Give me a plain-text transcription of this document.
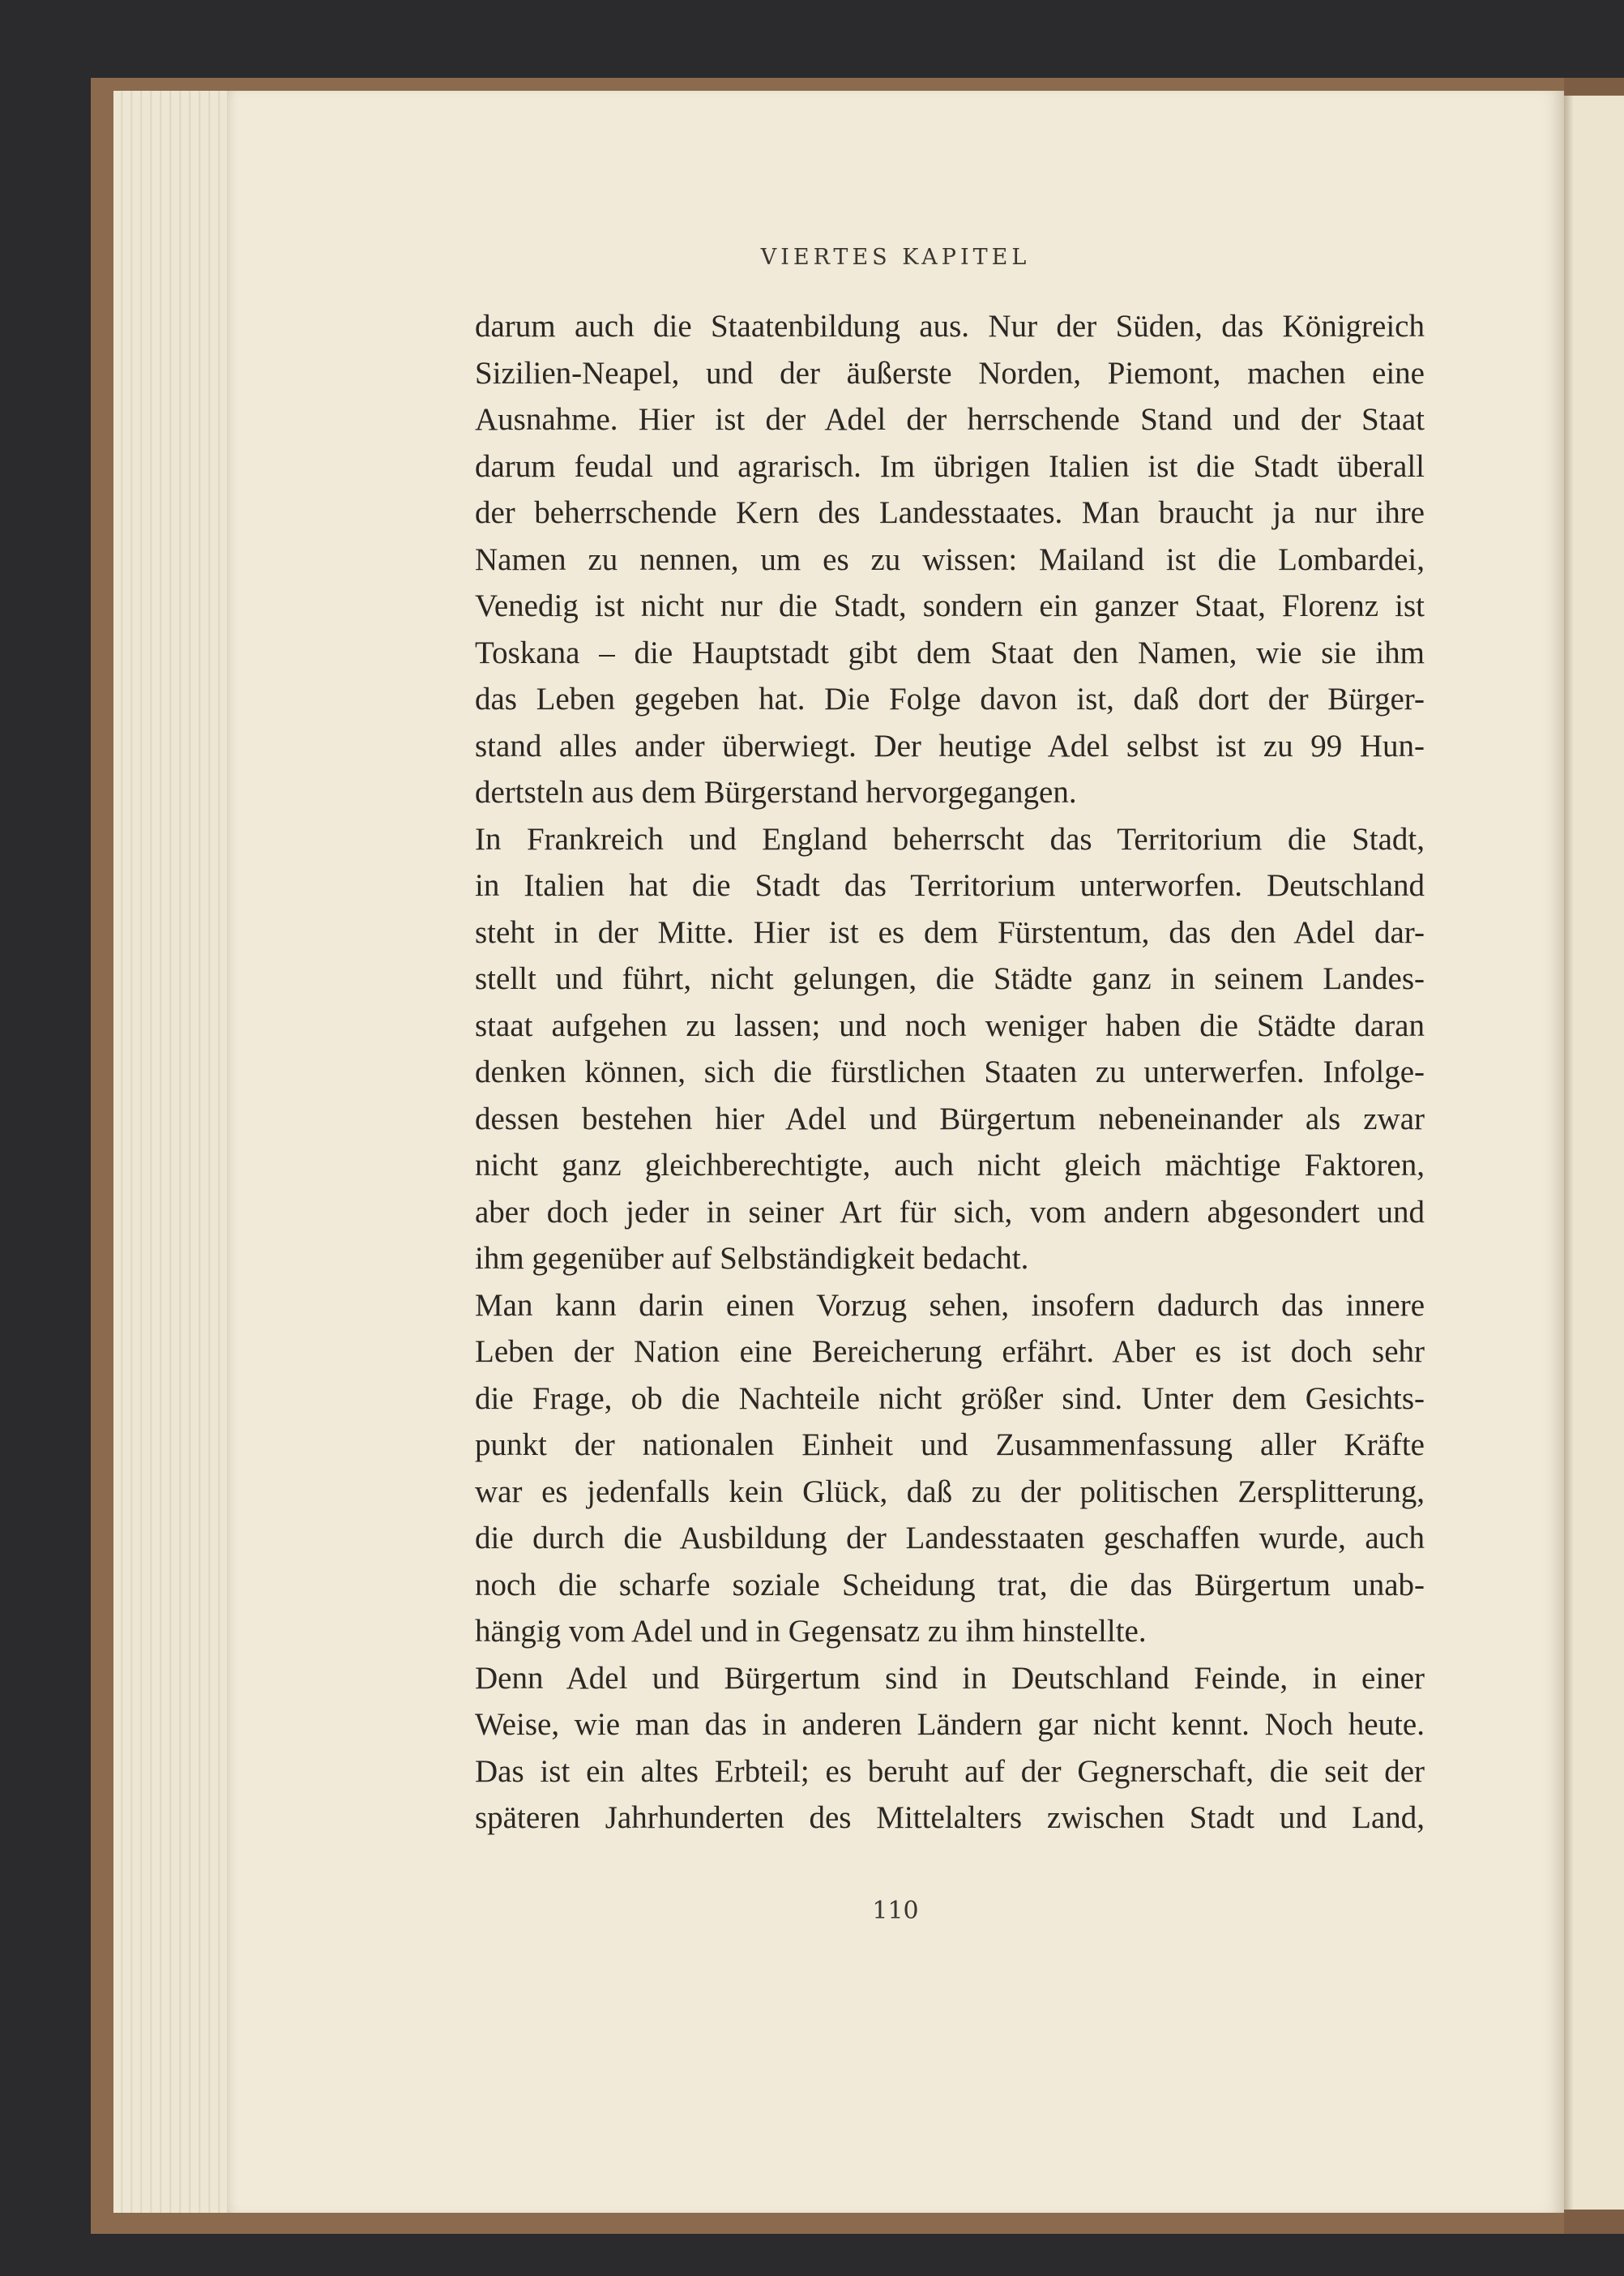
VIERTES KAPITEL
darum auch die Staatenbildung aus. Nur der Süden, das Königreich
Sizilien-Neapel, und der äußerste Norden, Piemont, machen eine
Ausnahme. Hier ist der Adel der herrschende Stand und der Staat
darum feudal und agrarisch. Im übrigen Italien ist die Stadt überall
der beherrschende Kern des Landesstaates. Man braucht ja nur ihre
Namen zu nennen, um es zu wissen: Mailand ist die Lombardei,
Venedig ist nicht nur die Stadt, sondern ein ganzer Staat, Florenz ist
Toskana – die Hauptstadt gibt dem Staat den Namen, wie sie ihm
das Leben gegeben hat. Die Folge davon ist, daß dort der Bürger-
stand alles ander überwiegt. Der heutige Adel selbst ist zu 99 Hun-
dertsteln aus dem Bürgerstand hervorgegangen.
In Frankreich und England beherrscht das Territorium die Stadt,
in Italien hat die Stadt das Territorium unterworfen. Deutschland
steht in der Mitte. Hier ist es dem Fürstentum, das den Adel dar-
stellt und führt, nicht gelungen, die Städte ganz in seinem Landes-
staat aufgehen zu lassen; und noch weniger haben die Städte daran
denken können, sich die fürstlichen Staaten zu unterwerfen. Infolge-
dessen bestehen hier Adel und Bürgertum nebeneinander als zwar
nicht ganz gleichberechtigte, auch nicht gleich mächtige Faktoren,
aber doch jeder in seiner Art für sich, vom andern abgesondert und
ihm gegenüber auf Selbständigkeit bedacht.
Man kann darin einen Vorzug sehen, insofern dadurch das innere
Leben der Nation eine Bereicherung erfährt. Aber es ist doch sehr
die Frage, ob die Nachteile nicht größer sind. Unter dem Gesichts-
punkt der nationalen Einheit und Zusammenfassung aller Kräfte
war es jedenfalls kein Glück, daß zu der politischen Zersplitterung,
die durch die Ausbildung der Landesstaaten geschaffen wurde, auch
noch die scharfe soziale Scheidung trat, die das Bürgertum unab-
hängig vom Adel und in Gegensatz zu ihm hinstellte.
Denn Adel und Bürgertum sind in Deutschland Feinde, in einer
Weise, wie man das in anderen Ländern gar nicht kennt. Noch heute.
Das ist ein altes Erbteil; es beruht auf der Gegnerschaft, die seit der
späteren Jahrhunderten des Mittelalters zwischen Stadt und Land,
110
